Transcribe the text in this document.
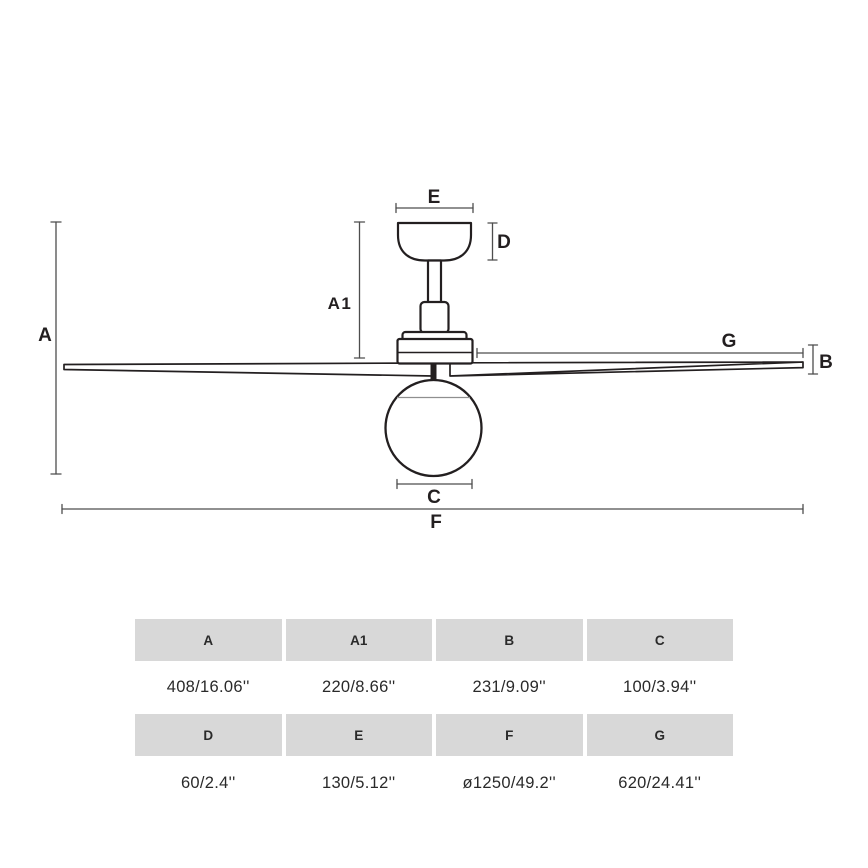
A
A1
E
D
G
B
C
F
A	A1	B	C
408/16.06''	220/8.66''	231/9.09''	100/3.94''
D	E	F	G
60/2.4''	130/5.12''	ø1250/49.2''	620/24.41''
